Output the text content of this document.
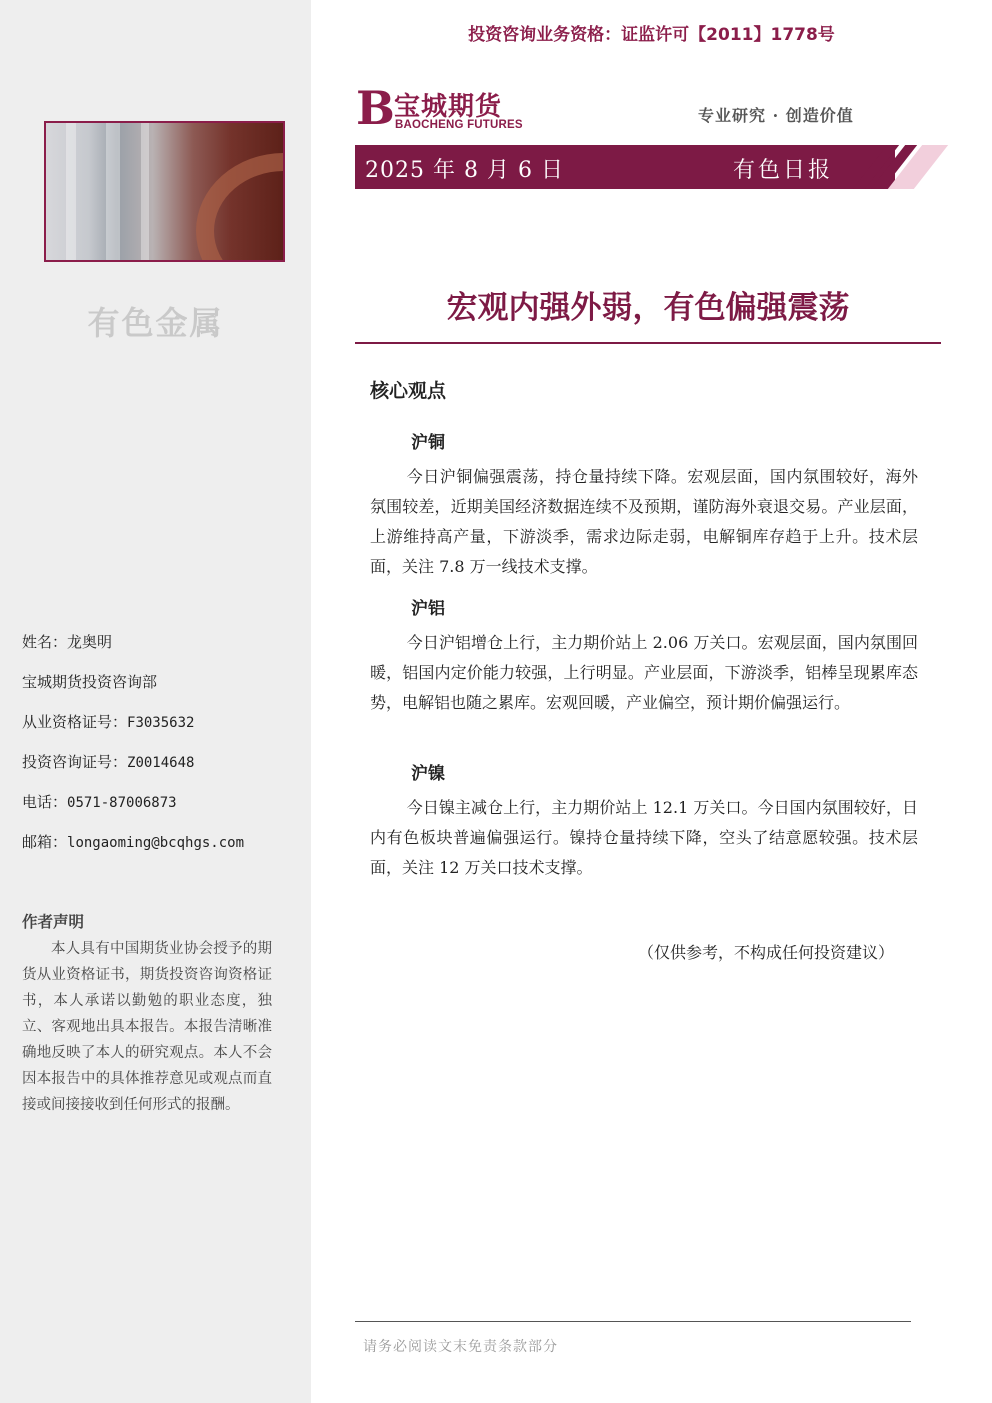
有色金属
姓名：龙奥明
宝城期货投资咨询部
从业资格证号：F3035632
投资咨询证号：Z0014648
电话：0571-87006873
邮箱：longaoming@bcqhgs.com
作者声明
本人具有中国期货业协会授予的期货从业资格证书，期货投资咨询资格证书，本人承诺以勤勉的职业态度，独立、客观地出具本报告。本报告清晰准确地反映了本人的研究观点。本人不会因本报告中的具体推荐意见或观点而直接或间接接收到任何形式的报酬。
投资咨询业务资格：证监许可【2011】1778号
B 宝城期货
BAOCHENG FUTURES	专业研究 · 创造价值
2025 年 8 月 6 日	有色日报
宏观内强外弱，有色偏强震荡
核心观点
沪铜
今日沪铜偏强震荡，持仓量持续下降。宏观层面，国内氛围较好，海外氛围较差，近期美国经济数据连续不及预期，谨防海外衰退交易。产业层面，上游维持高产量，下游淡季，需求边际走弱，电解铜库存趋于上升。技术层面，关注 7.8 万一线技术支撑。
沪铝
今日沪铝增仓上行，主力期价站上 2.06 万关口。宏观层面，国内氛围回暖，铝国内定价能力较强，上行明显。产业层面，下游淡季，铝棒呈现累库态势，电解铝也随之累库。宏观回暖，产业偏空，预计期价偏强运行。
沪镍
今日镍主减仓上行，主力期价站上 12.1 万关口。今日国内氛围较好，日内有色板块普遍偏强运行。镍持仓量持续下降，空头了结意愿较强。技术层面，关注 12 万关口技术支撑。
（仅供参考，不构成任何投资建议）
请务必阅读文末免责条款部分
